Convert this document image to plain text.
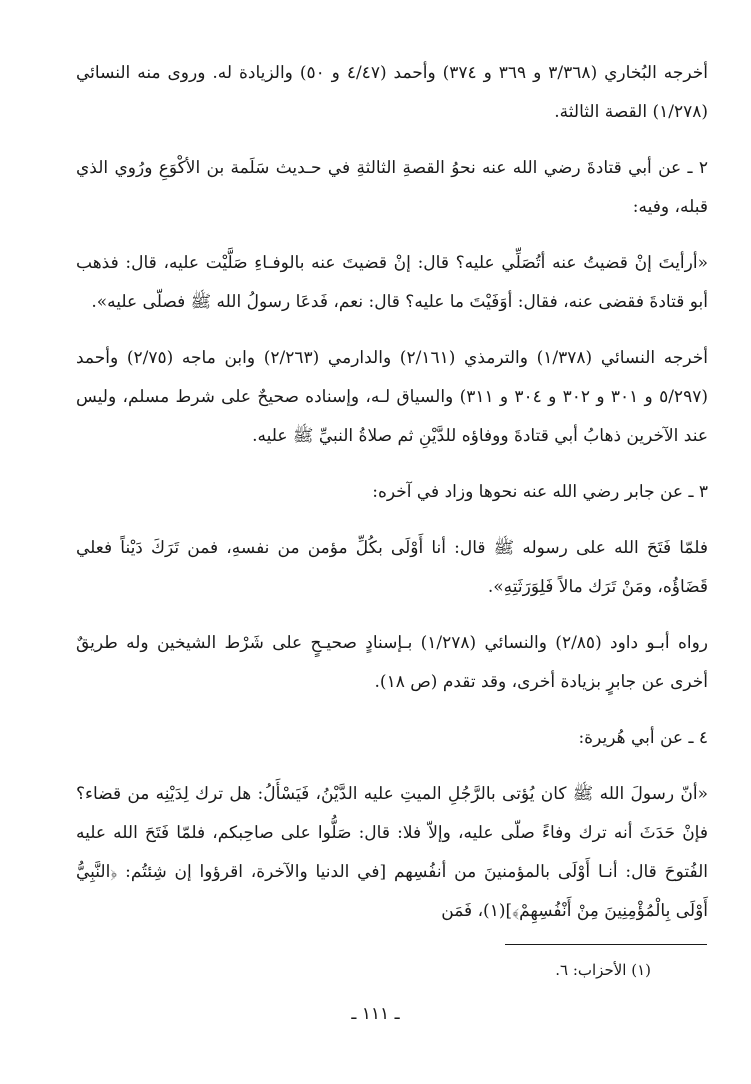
أخرجه البُخاري (٣/٣٦٨ و ٣٦٩ و ٣٧٤) وأحمد (٤/٤٧ و ٥٠) والزيادة له. وروى منه النسائي (١/٢٧٨) القصة الثالثة.

٢ ـ عن أبي قتادةَ رضي الله عنه نحوُ القصةِ الثالثةِ في حـديث سَلَمة بن الأكْوَعِ ورُوي الذي قبله، وفيه:

«أرأيتَ إنْ قضيتُ عنه أتُصَلِّي عليه؟ قال: إنْ قضيتَ عنه بالوفـاءِ صَلَّيْت عليه، قال: فذهب أبو قتادةَ فقضى عنه، فقال: أوَفَيْتَ ما عليه؟ قال: نعم، فَدعَا رسولُ الله ﷺ فصلّى عليه».

أخرجه النسائي (١/٣٧٨) والترمذي (٢/١٦١) والدارمي (٢/٢٦٣) وابن ماجه (٢/٧٥) وأحمد (٥/٢٩٧ و ٣٠١ و ٣٠٢ و ٣٠٤ و ٣١١) والسياق لـه، وإسناده صحيحٌ على شرط مسلم، وليس عند الآخرين ذهابُ أبي قتادةَ ووفاؤه للدَّيْنِ ثم صلاةُ النبيِّ ﷺ عليه.

٣ ـ عن جابر رضي الله عنه نحوها وزاد في آخره:

فلمّا فَتَحَ الله على رسوله ﷺ قال: أنا أَوْلَى بكُلِّ مؤمن من نفسهِ، فمن تَرَكَ دَيْناً فعلي قَضَاؤُه، ومَنْ تَرَك مالاً فَلِوَرَثَتِهِ».

رواه أبـو داود (٢/٨٥) والنسائي (١/٢٧٨) بـإسنادٍ صحيـحٍ على شَرْط الشيخين وله طريقٌ أخرى عن جابرٍ بزيادة أخرى، وقد تقدم (ص ١٨).

٤ ـ عن أبي هُريرة:

«أنّ رسولَ الله ﷺ كان يُؤتى بالرَّجُلِ الميتِ عليه الدَّيْنُ، فَيَسْأَلُ: هل ترك لِدَيْنِه من قضاء؟ فإنْ حَدَثَ أنه ترك وفاءً صلّى عليه، وإلاّ فلا: قال: صَلُّوا على صاحِبكم، فلمّا فَتَحَ الله عليه الفُتوحَ قال: أنـا أَوْلَى بالمؤمنينَ من أنفُسِهم [في الدنيا والآخرة، اقرؤوا إن شِئتُم: ﴿النَّبِيُّ أَوْلَى بِالْمُؤْمِنِينَ مِنْ أَنْفُسِهِمْ﴾](١)، فَمَن

(١) الأحزاب: ٦.
ـ ١١١ ـ
